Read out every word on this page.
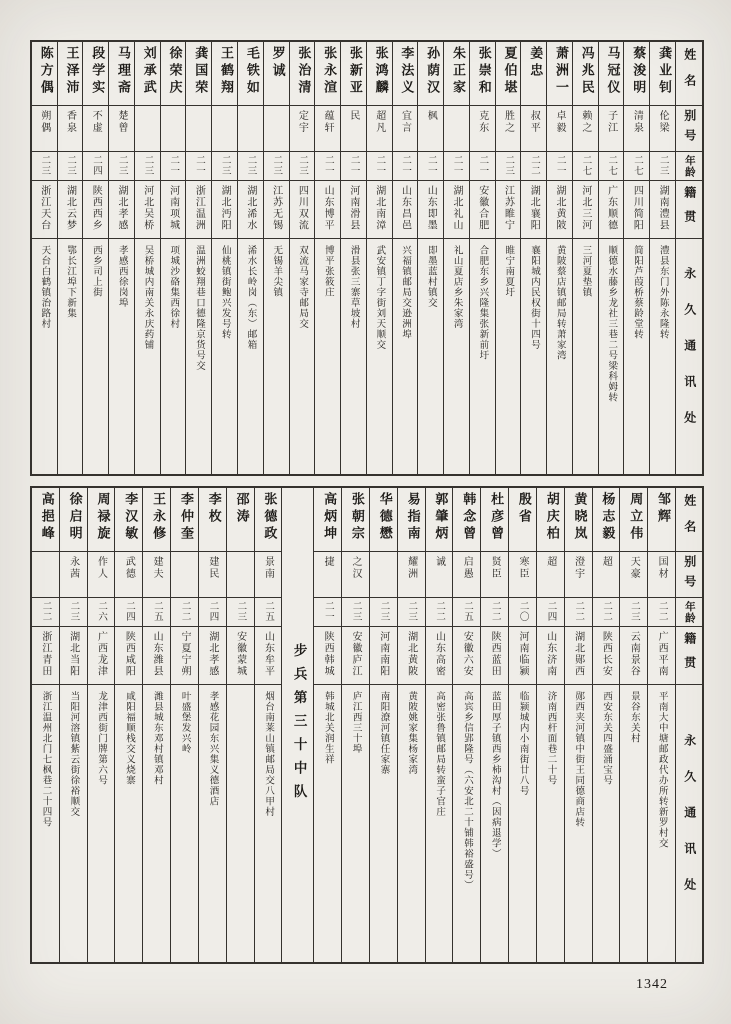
姓名
别号
年龄
籍贯
永久通讯处
龚业钊
伦梁
二三
湖南澧县
澧县东门外陈永隆转
蔡浚明
清泉
二七
四川简阳
简阳芦葭桥蔡龄堂转
马冠仪
子江
二七
广东顺德
顺德水藤乡龙社三巷二号梁科姆转
冯兆民
赖之
二七
河北三河
三河夏垫镇
萧洲一
卓毅
二一
湖北黄陂
黄陂蔡店镇邮局转萧家湾
姜忠
叔平
二二
湖北襄阳
襄阳城内民权街十四号
夏伯堪
胜之
二三
江苏睢宁
睢宁南夏圩
张崇和
克东
二一
安徽合肥
合肥东乡兴隆集张新前圩
朱正家
二一
湖北礼山
礼山夏店乡朱家湾
孙荫汉
枫
二一
山东即墨
即墨蓝村镇交
李法义
宜言
二一
山东昌邑
兴福镇邮局交逊洲埠
张鸿麟
超凡
二一
湖北南漳
武安镇丁字街刘天顺交
张新亚
民
二一
河南滑县
滑县张三寨草坡村
张永渲
蕴轩
二一
山东博平
博平张筱庄
张治清
定宇
二三
四川双流
双流马家寺邮局交
罗诚
二三
江苏无锡
无锡羊尖镇
毛铁如
二三
湖北浠水
浠水长岭岗（东）邮箱
王鹤翔
二三
湖北沔阳
仙桃镇街鲍兴发号转
龚国荣
二一
浙江温洲
温洲蛟翔巷口德隆京货号交
徐荣庆
二一
河南项城
项城沙硌集西徐村
刘承武
二三
河北吴桥
吴桥城内南关永庆药铺
马理斋
楚曾
二三
湖北孝感
孝感西徐岗埠
段学实
不虚
二四
陕西西乡
西乡司上街
王泽沛
香泉
二三
湖北云梦
鄂长江埠下新集
陈方偶
朔偶
二三
浙江天台
天台白鹤镇治路村
姓名
别号
年龄
籍贯
永久通讯处
邹辉
国材
二二
广西平南
平南大中塘邮政代办所转新罗村交
周立伟
天豪
二三
云南景谷
景谷东关村
杨志毅
超
二二
陕西长安
西安东关四盛涌宝号
黄晓岚
澄宇
二二
湖北郧西
郧西夹河镇中街王同德商店转
胡庆柏
超
二四
山东济南
济南西杆面巷二十号
殷省
寒臣
二〇
河南临颍
临颍城内小南街廿八号
杜彦曾
贤臣
二二
陕西蓝田
蓝田厚子镇西乡柿沟村（因病退学）
韩念曾
启愚
二五
安徽六安
高宾乡信郢隆号（六安北二十铺韩裕盛号）
郭肇炳
诚
二二
山东高密
高密张鲁镇邮局转蛮子官庄
易指南
耀洲
二三
湖北黄陂
黄陂姚家集杨家湾
华德懋
二三
河南南阳
南阳潦河镇任家寨
张朝宗
之汉
二三
安徽庐江
庐江西三十埠
高炳坤
捷
二一
陕西韩城
韩城北关润生祥
步兵第三十中队
张德政
景南
二五
山东牟平
烟台南莱山镇邮局交八甲村
邵涛
二三
安徽蒙城
李枚
建民
二四
湖北孝感
孝感花园东兴集义德酒店
李仲奎
二二
宁夏宁朔
叶盛堡发兴岭
王永修
建夫
二五
山东潍县
潍县城东邓村镇邓村
李汉敏
武德
二四
陕西咸阳
咸阳福顺栈交义烧寨
周禄旋
作人
二六
广西龙津
龙津西街门牌第六号
徐启明
永茜
二三
湖北当阳
当阳河溶镇紫云街徐裕顺交
高挹峰
二二
浙江青田
浙江温州北门七枫巷二十四号
1342
